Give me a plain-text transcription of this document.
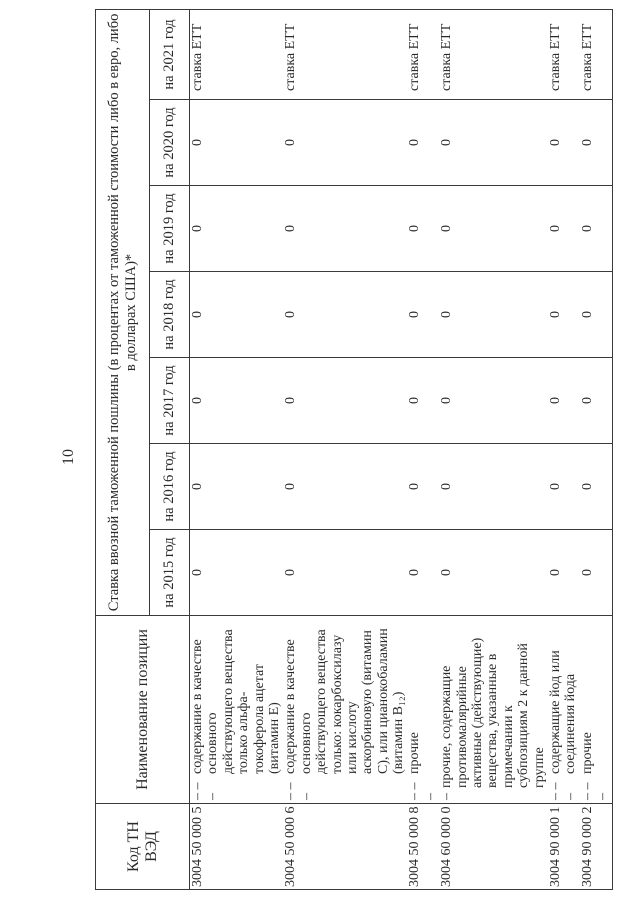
10
Код ТН ВЭД	Наименование позиции	Ставка ввозной таможенной пошлины (в процентах от таможенной стоимости либо в евро, либо в долларах США)*						

		на 2015 год	на 2016 год	на 2017 год	на 2018 год	на 2019 год	на 2020 год	на 2021 год
3004 50 000 5	– – –содержание в качестве основного действующего вещества только альфа-токоферола ацетат (витамин Е)	0	0	0	0	0	0	ставка ЕТТ
3004 50 000 6	– – –содержание в качестве основного действующего вещества только: кокарбоксилазу или кислоту аскорбиновую (витамин С), или цианокобаламин (витамин B₁₂)	0	0	0	0	0	0	ставка ЕТТ
3004 50 000 8	– – –прочие	0	0	0	0	0	0	ставка ЕТТ
3004 60 000 0	–прочие, содержащие противомалярийные активные (действующие) вещества, указанные в примечании к субпозициям 2 к данной группе	0	0	0	0	0	0	ставка ЕТТ
3004 90 000 1	– – –содержащие йод или соединения йода	0	0	0	0	0	0	ставка ЕТТ
3004 90 000 2	– – –прочие	0	0	0	0	0	0	ставка ЕТТ
